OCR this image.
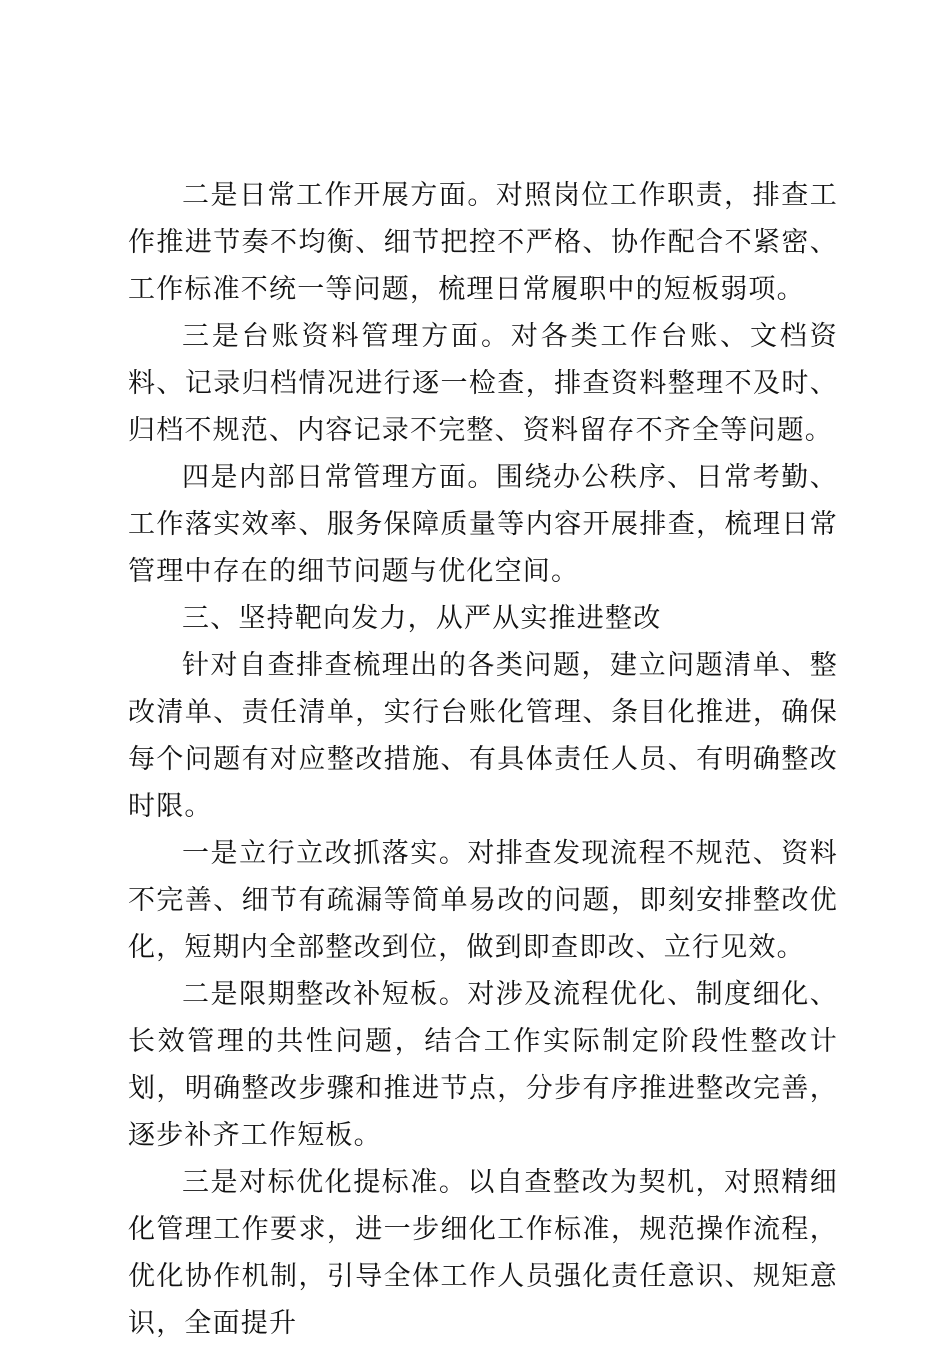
二是日常工作开展方面。对照岗位工作职责，排查工作推进节奏不均衡、细节把控不严格、协作配合不紧密、工作标准不统一等问题，梳理日常履职中的短板弱项。

三是台账资料管理方面。对各类工作台账、文档资料、记录归档情况进行逐一检查，排查资料整理不及时、归档不规范、内容记录不完整、资料留存不齐全等问题。

四是内部日常管理方面。围绕办公秩序、日常考勤、工作落实效率、服务保障质量等内容开展排查，梳理日常管理中存在的细节问题与优化空间。

三、坚持靶向发力，从严从实推进整改

针对自查排查梳理出的各类问题，建立问题清单、整改清单、责任清单，实行台账化管理、条目化推进，确保每个问题有对应整改措施、有具体责任人员、有明确整改时限。

一是立行立改抓落实。对排查发现流程不规范、资料不完善、细节有疏漏等简单易改的问题，即刻安排整改优化，短期内全部整改到位，做到即查即改、立行见效。

二是限期整改补短板。对涉及流程优化、制度细化、长效管理的共性问题，结合工作实际制定阶段性整改计划，明确整改步骤和推进节点，分步有序推进整改完善，逐步补齐工作短板。

三是对标优化提标准。以自查整改为契机，对照精细化管理工作要求，进一步细化工作标准，规范操作流程，优化协作机制，引导全体工作人员强化责任意识、规矩意识，全面提升
